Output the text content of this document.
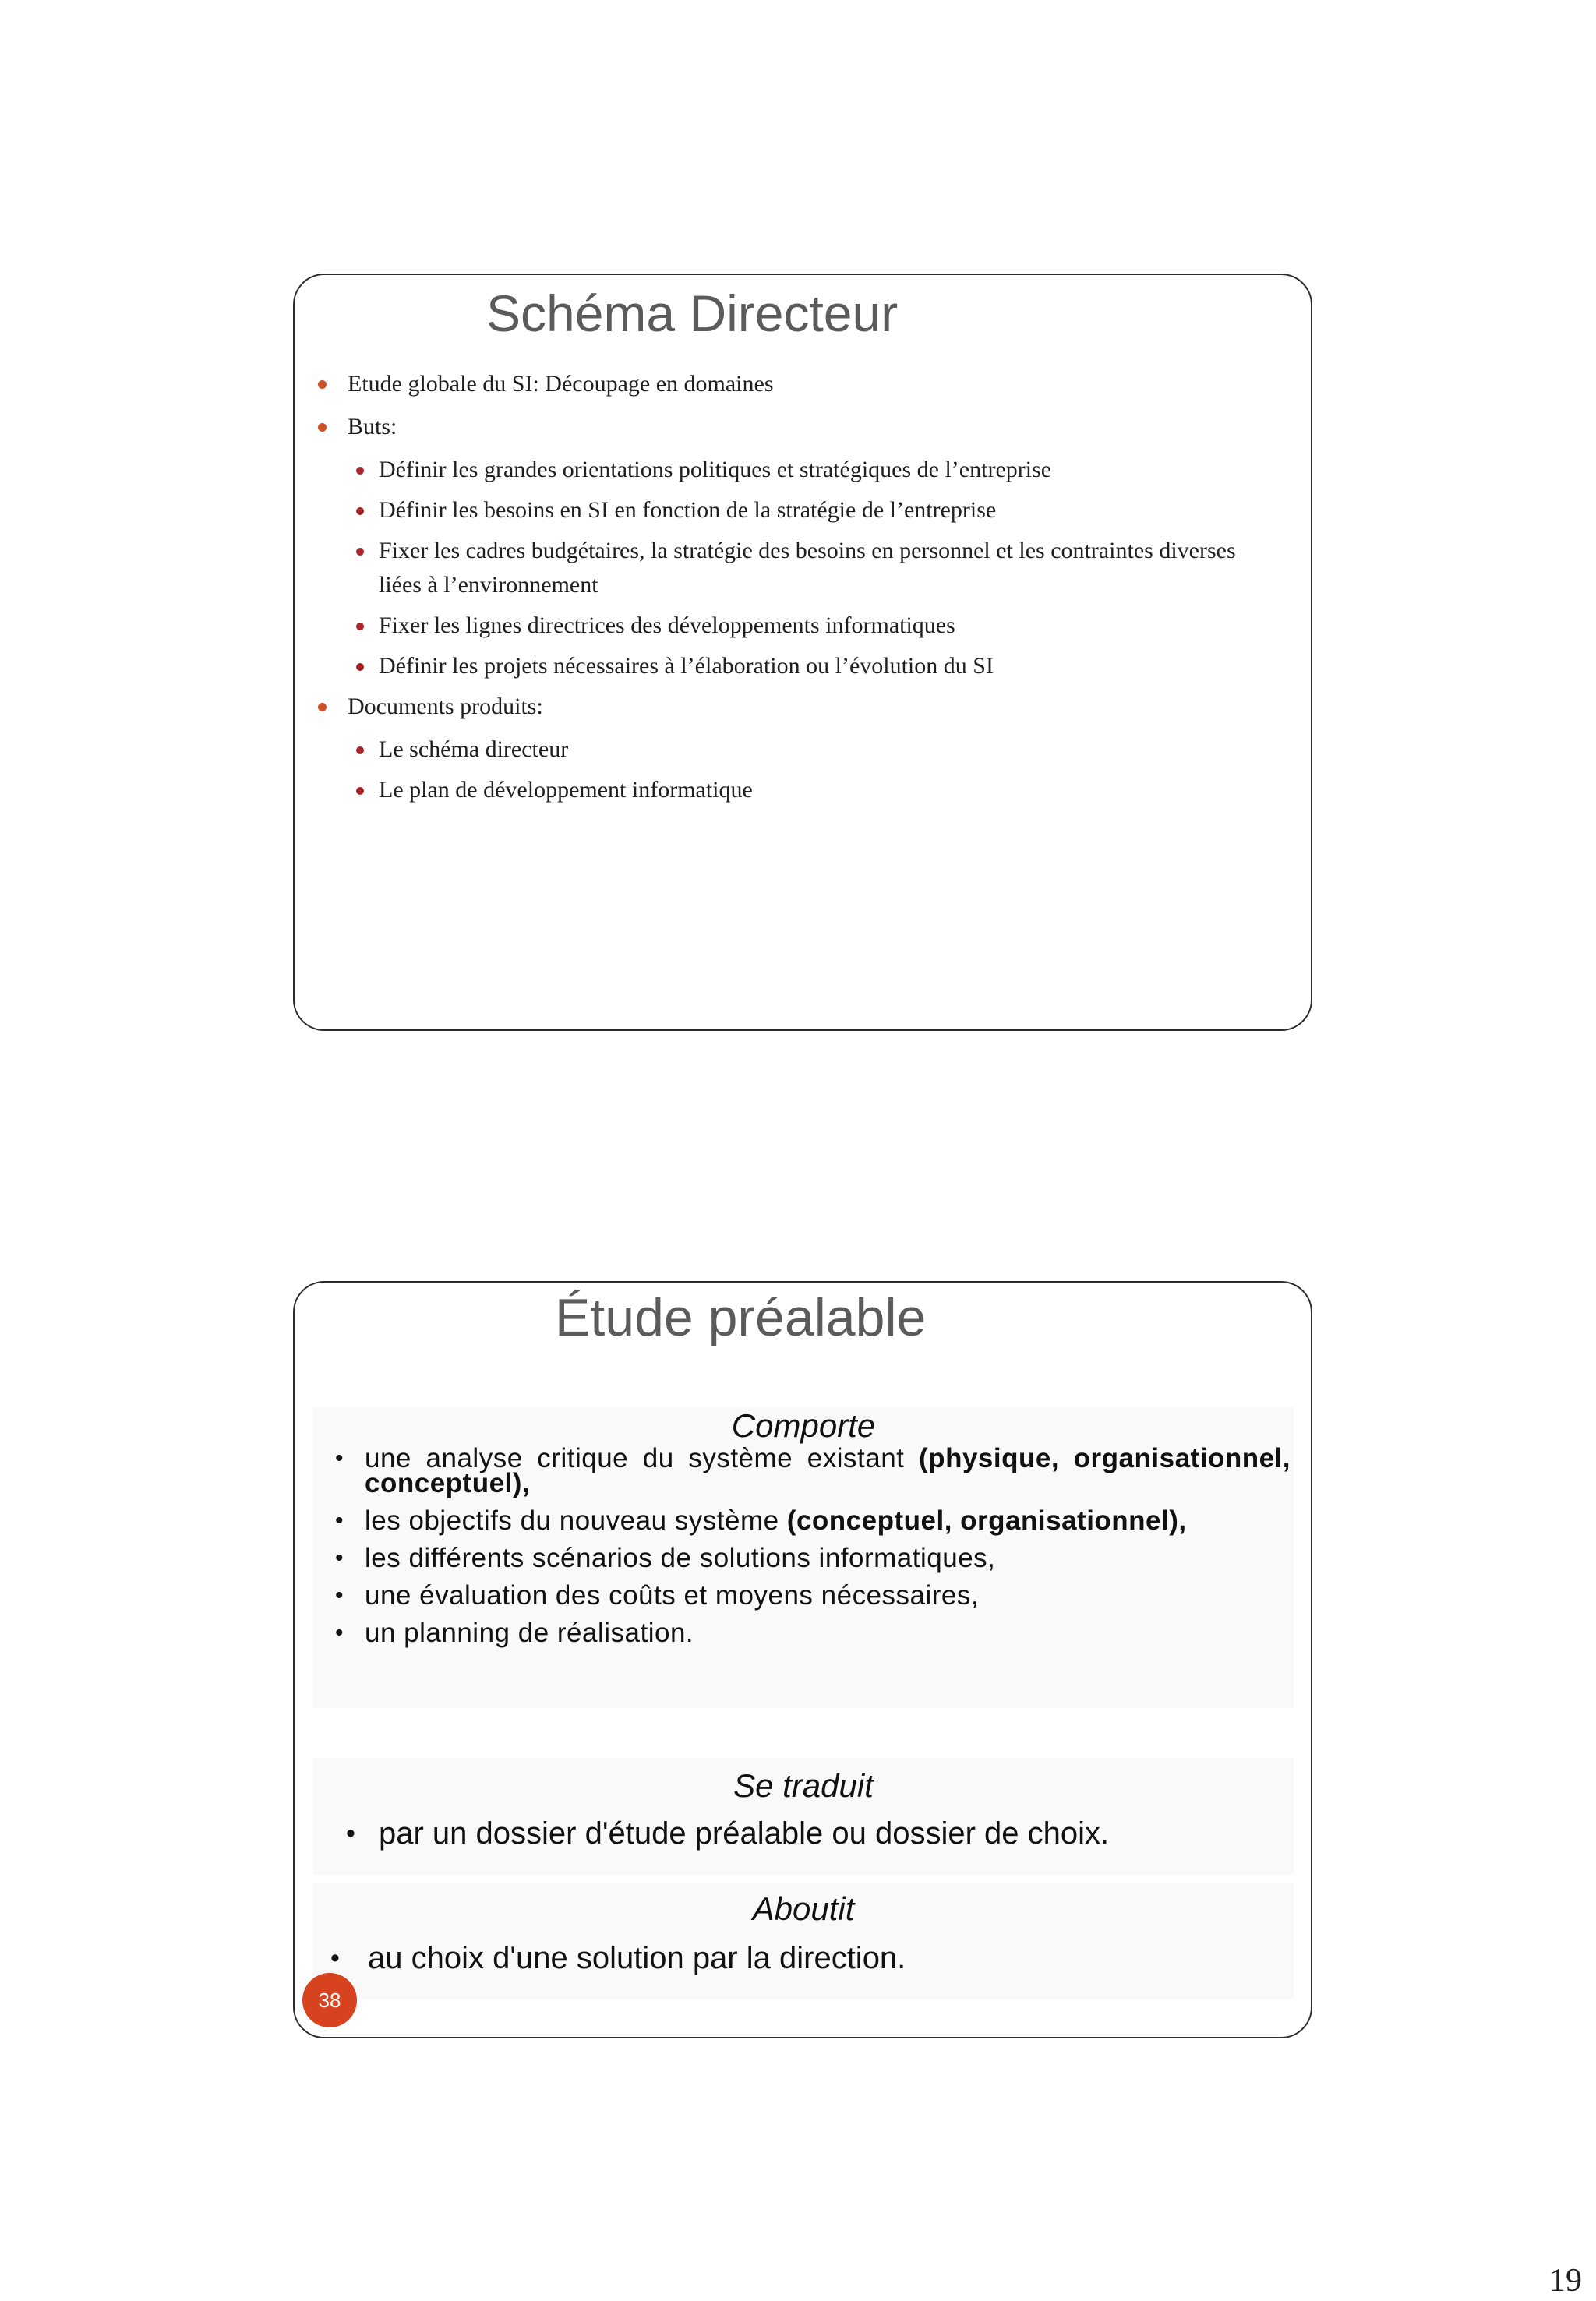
Schéma Directeur
Etude globale du SI: Découpage en domaines
Buts:
Définir les grandes orientations politiques et stratégiques de l’entreprise
Définir les besoins en SI en fonction de la stratégie de l’entreprise
Fixer les cadres budgétaires, la stratégie des besoins en personnel et les contraintes diverses liées à l’environnement
Fixer les lignes directrices des développements informatiques
Définir les projets nécessaires à l’élaboration ou l’évolution du SI
Documents produits:
Le schéma directeur
Le plan de développement informatique
Étude préalable
Comporte
• une analyse critique du système existant (physique, organisationnel, conceptuel),
• les objectifs du nouveau système (conceptuel, organisationnel),
• les différents scénarios de solutions informatiques,
• une évaluation des coûts et moyens nécessaires,
• un planning de réalisation.
Se traduit
• par un dossier d'étude préalable ou dossier de choix.
Aboutit
• au choix d'une solution par la direction.
38
19
